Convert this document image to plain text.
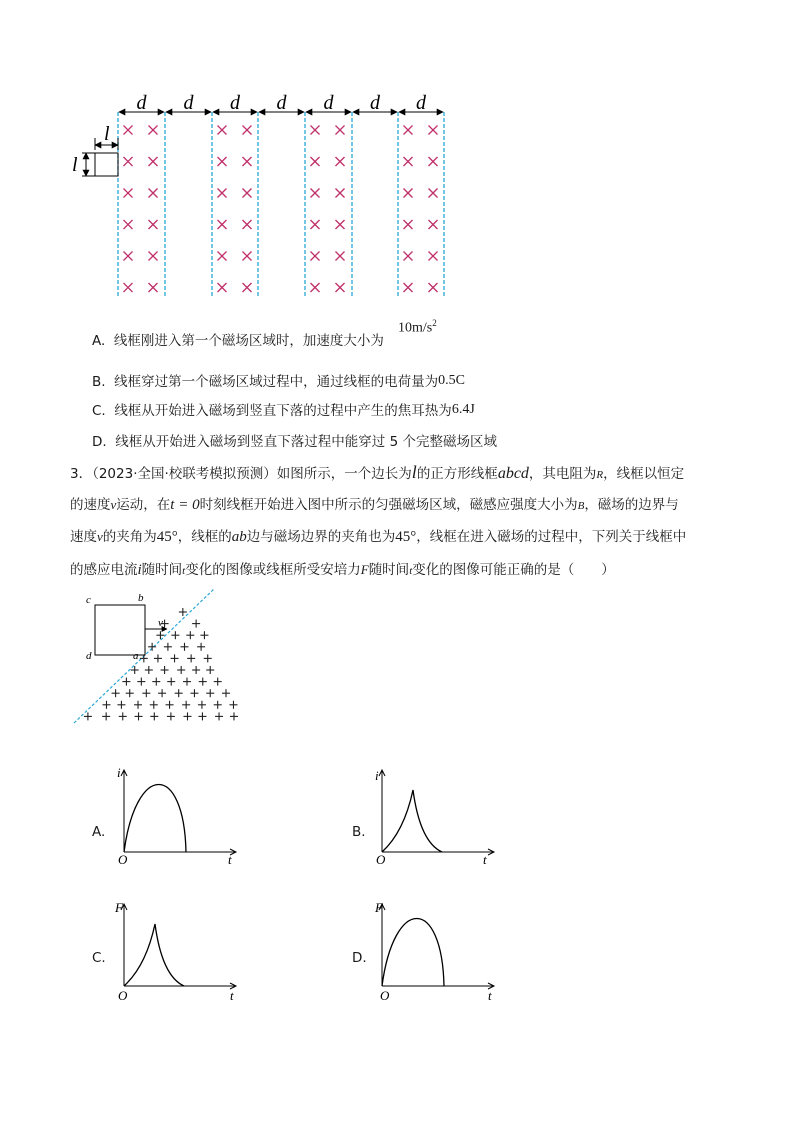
d d d d d d d
l
l
A. 线框刚进入第一个磁场区域时，加速度大小为
$10m/s^2$
B. 线框穿过第一个磁场区域过程中，通过线框的电荷量为0.5C
C. 线框从开始进入磁场到竖直下落的过程中产生的焦耳热为6.4J
D. 线框从开始进入磁场到竖直下落过程中能穿过 5 个完整磁场区域
3．（2023·全国·校联考模拟预测）如图所示，一个边长为l的正方形线框abcd，其电阻为R，线框以恒定
的速度v运动，在t = 0时刻线框开始进入图中所示的匀强磁场区域，磁感应强度大小为B，磁场的边界与
速度v的夹角为45°，线框的ab边与磁场边界的夹角也为45°，线框在进入磁场的过程中，下列关于线框中
的感应电流i随时间t变化的图像或线框所受安培力F随时间t变化的图像可能正确的是（　　）
v
c	b
d	a
A.	B.
C.	D.
i
O	t
i
O	t
F
O	t
F
O	t
